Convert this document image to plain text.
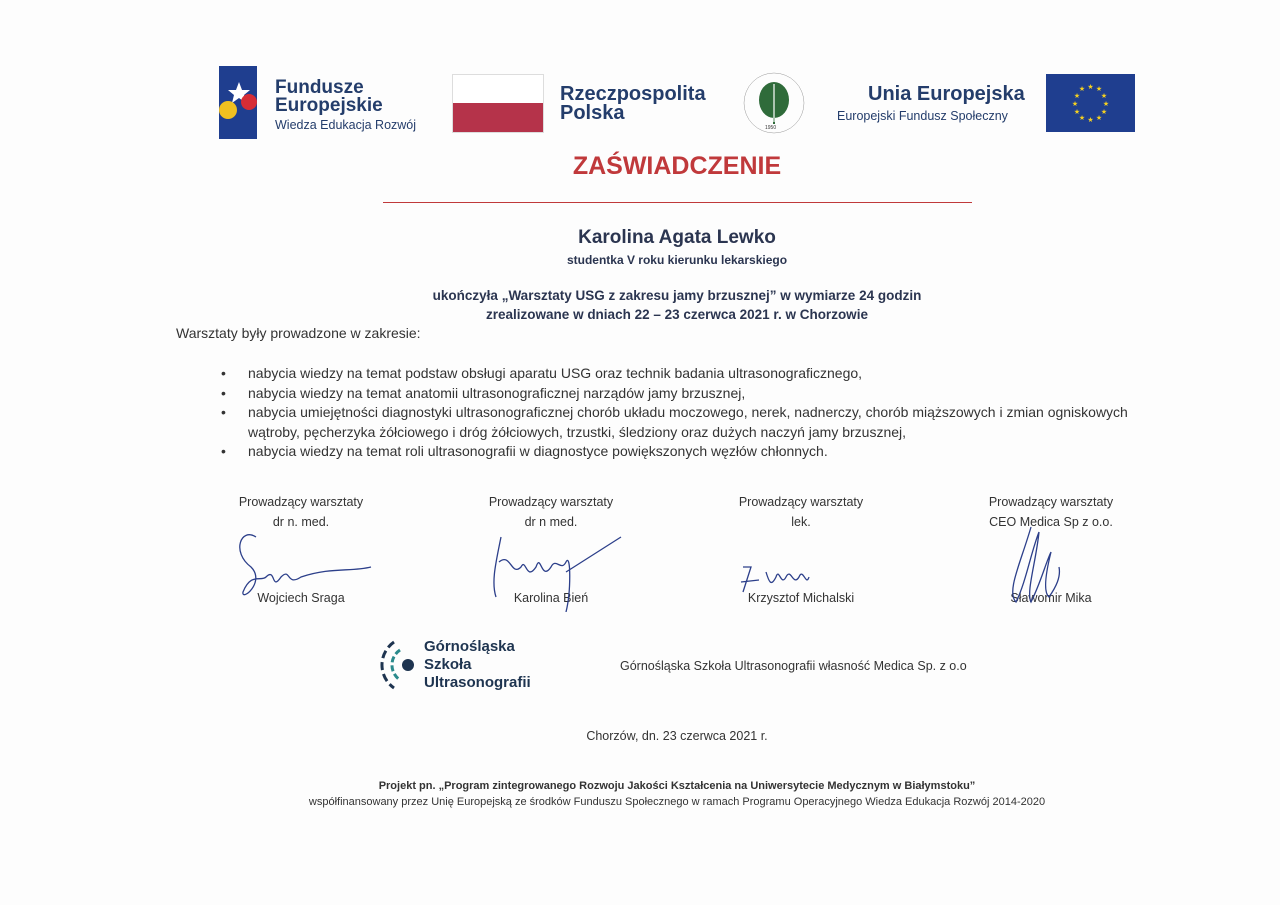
Fundusze
Europejskie
Wiedza Edukacja Rozwój
Rzeczpospolita
Polska
1950
Unia Europejska
Europejski Fundusz Społeczny
★ ★
★
★
★
★
★
★
★
★
★
★
ZAŚWIADCZENIE
Karolina Agata Lewko
studentka V roku kierunku lekarskiego
ukończyła „Warsztaty USG z zakresu jamy brzusznej” w wymiarze 24 godzin
zrealizowane w dniach 22 – 23 czerwca 2021 r. w Chorzowie
Warsztaty były prowadzone w zakresie:
• nabycia wiedzy na temat podstaw obsługi aparatu USG oraz technik badania ultrasonograficznego,
• nabycia wiedzy na temat anatomii ultrasonograficznej narządów jamy brzusznej,
• nabycia umiejętności diagnostyki ultrasonograficznej chorób układu moczowego, nerek, nadnerczy, chorób miąższowych i zmian ogniskowych wątroby, pęcherzyka żółciowego i dróg żółciowych, trzustki, śledziony oraz dużych naczyń jamy brzusznej,
• nabycia wiedzy na temat roli ultrasonografii w diagnostyce powiększonych węzłów chłonnych.
Prowadzący warsztaty
dr n. med.
Wojciech Sraga
Prowadzący warsztaty
dr n med.
Karolina Bień
Prowadzący warsztaty
lek.
Krzysztof Michalski
Prowadzący warsztaty
CEO Medica Sp z o.o.
Sławomir Mika
Górnośląska
Szkoła
Ultrasonografii
Górnośląska Szkoła Ultrasonografii własność Medica Sp. z o.o
Chorzów, dn. 23 czerwca 2021 r.
Projekt pn. „Program zintegrowanego Rozwoju Jakości Kształcenia na Uniwersytecie Medycznym w Białymstoku”
współfinansowany przez Unię Europejską ze środków Funduszu Społecznego w ramach Programu Operacyjnego Wiedza Edukacja Rozwój 2014-2020
